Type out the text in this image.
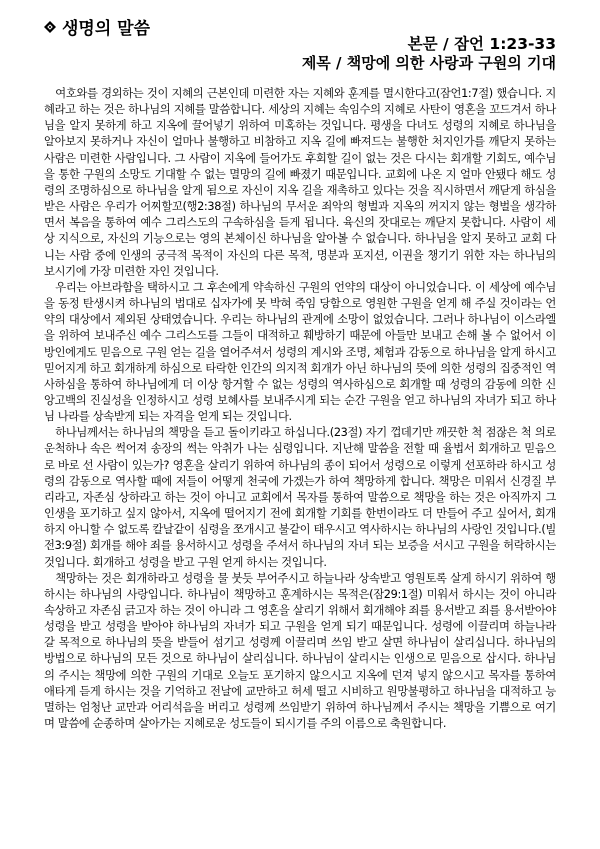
생명의 말씀
본문 / 잠언 1:23-33
제목 / 책망에 의한 사랑과 구원의 기대

여호와를 경외하는 것이 지혜의 근본인데 미련한 자는 지혜와 훈계를 멸시한다고(잠언1:7절) 했습니다. 지혜라고 하는 것은 하나님의 지혜를 말씀합니다. 세상의 지혜는 속임수의 지혜로 사탄이 영혼을 꼬드겨서 하나님을 알지 못하게 하고 지옥에 끌어넣기 위하여 미혹하는 것입니다. 평생을 다녀도 성령의 지혜로 하나님을 알아보지 못하거나 자신이 얼마나 불행하고 비참하고 지옥 길에 빠져드는 불행한 처지인가를 깨닫지 못하는 사람은 미련한 사람입니다. 그 사람이 지옥에 들어가도 후회할 길이 없는 것은 다시는 회개할 기회도, 예수님을 통한 구원의 소망도 기대할 수 없는 멸망의 길에 빠졌기 때문입니다. 교회에 나온 지 얼마 안됐다 해도 성령의 조명하심으로 하나님을 알게 됨으로 자신이 지옥 길을 재촉하고 있다는 것을 직시하면서 깨닫게 하심을 받은 사람은 우리가 어찌할꼬(행2:38절) 하나님의 무서운 죄악의 형벌과 지옥의 꺼지지 않는 형벌을 생각하면서 복음을 통하여 예수 그리스도의 구속하심을 듣게 됩니다. 육신의 잣대로는 깨닫지 못합니다. 사람이 세상 지식으로, 자신의 기능으로는 영의 본체이신 하나님을 알아볼 수 없습니다. 하나님을 알지 못하고 교회 다니는 사람 중에 인생의 궁극적 목적이 자신의 다른 목적, 명분과 포지션, 이권을 챙기기 위한 자는 하나님의 보시기에 가장 미련한 자인 것입니다.

우리는 아브라함을 택하시고 그 후손에게 약속하신 구원의 언약의 대상이 아니었습니다. 이 세상에 예수님을 동정 탄생시켜 하나님의 법대로 십자가에 못 박혀 죽임 당함으로 영원한 구원을 얻게 해 주실 것이라는 언약의 대상에서 제외된 상태였습니다. 우리는 하나님의 관계에 소망이 없었습니다. 그러나 하나님이 이스라엘을 위하여 보내주신 예수 그리스도를 그들이 대적하고 훼방하기 때문에 아들만 보내고 손해 볼 수 없어서 이방인에게도 믿음으로 구원 얻는 길을 열어주셔서 성령의 계시와 조명, 체험과 감동으로 하나님을 알게 하시고 믿어지게 하고 회개하게 하심으로 타락한 인간의 의지적 회개가 아닌 하나님의 뜻에 의한 성령의 집중적인 역사하심을 통하여 하나님에게 더 이상 항거할 수 없는 성령의 역사하심으로 회개할 때 성령의 감동에 의한 신앙고백의 진실성을 인정하시고 성령 보혜사를 보내주시게 되는 순간 구원을 얻고 하나님의 자녀가 되고 하나님 나라를 상속받게 되는 자격을 얻게 되는 것입니다.

하나님께서는 하나님의 책망을 듣고 돌이키라고 하십니다.(23절) 자기 껍데기만 깨끗한 척 점잖은 척 의로운척하나 속은 썩어져 송장의 썩는 악취가 나는 심령입니다. 지난해 말씀을 전할 때 율법서 회개하고 믿음으로 바로 선 사람이 있는가? 영혼을 살리기 위하여 하나님의 종이 되어서 성령으로 이렇게 선포하라 하시고 성령의 감동으로 역사할 때에 저들이 어떻게 천국에 가겠는가 하여 책망하게 합니다. 책망은 미워서 신경질 부리라고, 자존심 상하라고 하는 것이 아니고 교회에서 목자를 통하여 말씀으로 책망을 하는 것은 아직까지 그 인생을 포기하고 싶지 않아서, 지옥에 떨어지기 전에 회개할 기회를 한번이라도 더 만들어 주고 싶어서, 회개하지 아니할 수 없도록 칼날같이 심령을 쪼개시고 불같이 태우시고 역사하시는 하나님의 사랑인 것입니다.(빌전3:9절) 회개를 해야 죄를 용서하시고 성령을 주셔서 하나님의 자녀 되는 보증을 서시고 구원을 허락하시는 것입니다. 회개하고 성령을 받고 구원 얻게 하시는 것입니다.

책망하는 것은 회개하라고 성령을 물 붓듯 부어주시고 하늘나라 상속받고 영원토록 살게 하시기 위하여 행하시는 하나님의 사랑입니다. 하나님이 책망하고 훈계하시는 목적은(잠29:1절) 미워서 하시는 것이 아니라 속상하고 자존심 긁고자 하는 것이 아니라 그 영혼을 살리기 위해서 회개해야 죄를 용서받고 죄를 용서받아야 성령을 받고 성령을 받아야 하나님의 자녀가 되고 구원을 얻게 되기 때문입니다. 성령에 이끌리며 하늘나라 갈 목적으로 하나님의 뜻을 받들어 섬기고 성령께 이끌리며 쓰임 받고 살면 하나님이 살리십니다. 하나님의 방법으로 하나님의 모든 것으로 하나님이 살리십니다. 하나님이 살리시는 인생으로 믿음으로 삽시다. 하나님의 주시는 책망에 의한 구원의 기대로 오늘도 포기하지 않으시고 지옥에 던져 넣지 않으시고 목자를 통하여 애타게 듣게 하시는 것을 기억하고 전날에 교만하고 허세 떨고 시비하고 원망불평하고 하나님을 대적하고 능멸하는 엄청난 교만과 어리석음을 버리고 성령께 쓰임받기 위하여 하나님께서 주시는 책망을 기쁨으로 여기며 말씀에 순종하며 살아가는 지혜로운 성도들이 되시기를 주의 이름으로 축원합니다.
